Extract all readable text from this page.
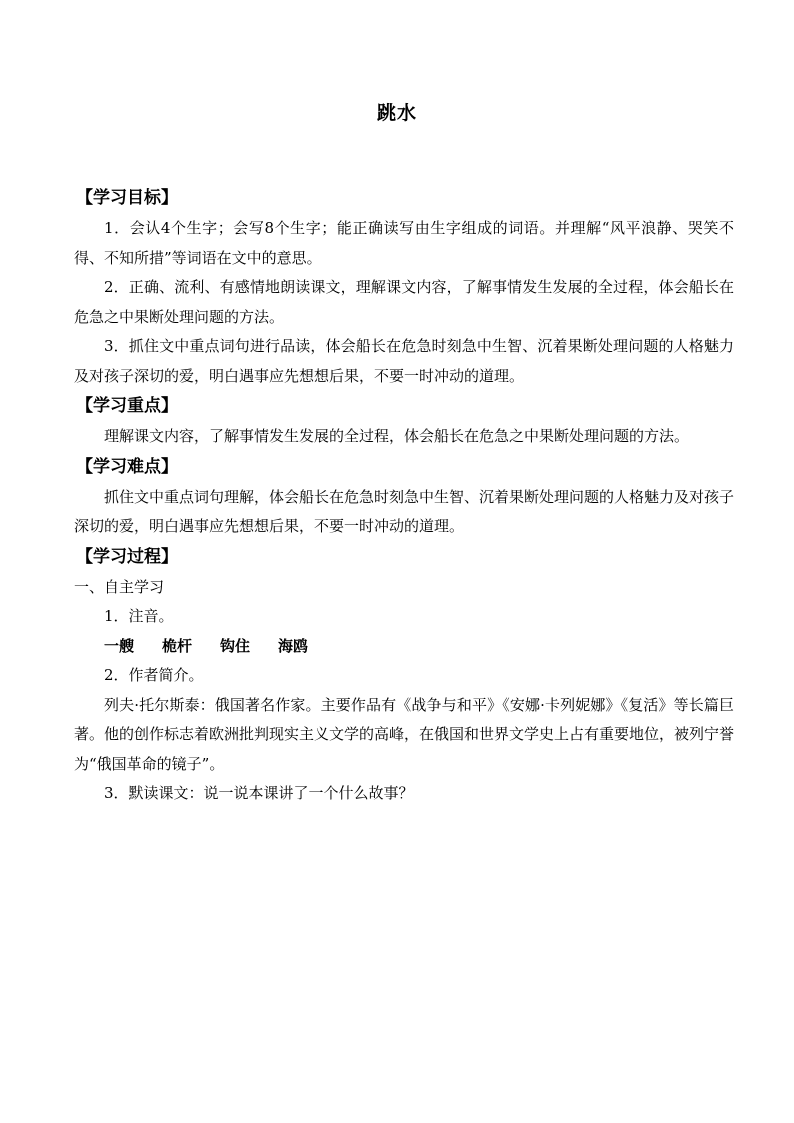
跳水

【学习目标】

1．会认4个生字；会写8个生字；能正确读写由生字组成的词语。并理解“风平浪静、哭笑不得、不知所措”等词语在文中的意思。

2．正确、流利、有感情地朗读课文，理解课文内容，了解事情发生发展的全过程，体会船长在危急之中果断处理问题的方法。

3．抓住文中重点词句进行品读，体会船长在危急时刻急中生智、沉着果断处理问题的人格魅力及对孩子深切的爱，明白遇事应先想想后果，不要一时冲动的道理。

【学习重点】

理解课文内容，了解事情发生发展的全过程，体会船长在危急之中果断处理问题的方法。

【学习难点】

抓住文中重点词句理解，体会船长在危急时刻急中生智、沉着果断处理问题的人格魅力及对孩子深切的爱，明白遇事应先想想后果，不要一时冲动的道理。

【学习过程】

一、自主学习

1．注音。

一艘 桅杆 钩住 海鸥

2．作者简介。

列夫·托尔斯泰：俄国著名作家。主要作品有《战争与和平》《安娜·卡列妮娜》《复活》等长篇巨著。他的创作标志着欧洲批判现实主义文学的高峰，在俄国和世界文学史上占有重要地位，被列宁誉为“俄国革命的镜子”。

3．默读课文：说一说本课讲了一个什么故事？
